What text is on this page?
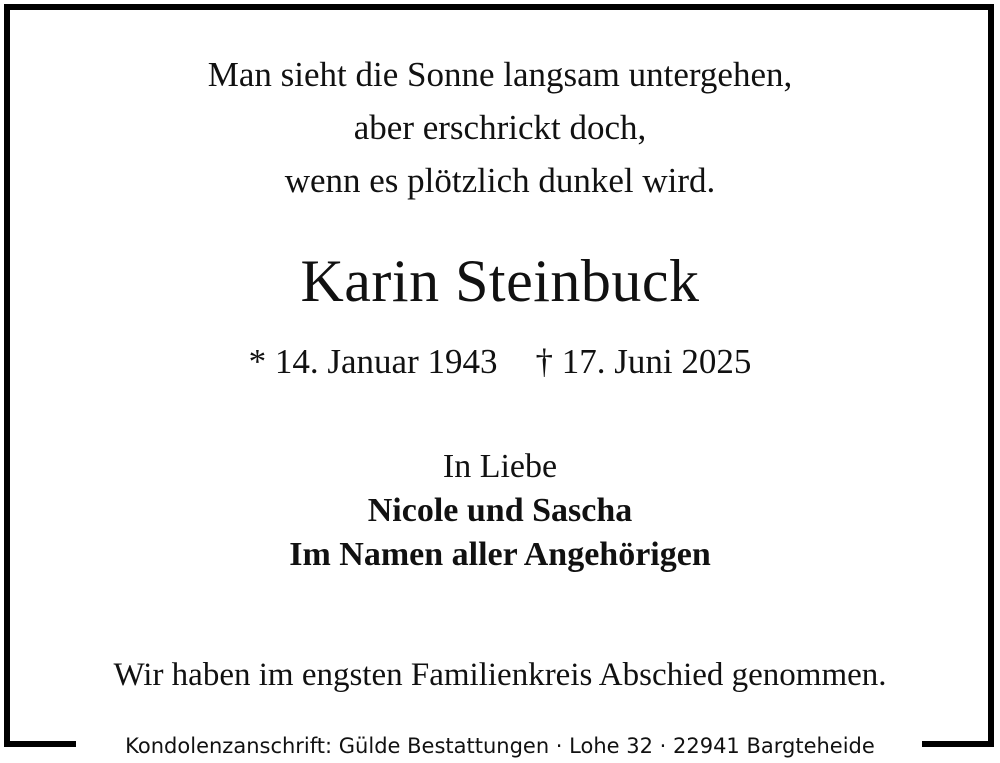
Man sieht die Sonne langsam untergehen,
aber erschrickt doch,
wenn es plötzlich dunkel wird.
Karin Steinbuck
* 14. Januar 1943 † 17. Juni 2025
In Liebe
Nicole und Sascha
Im Namen aller Angehörigen
Wir haben im engsten Familienkreis Abschied genommen.
Kondolenzanschrift: Gülde Bestattungen · Lohe 32 · 22941 Bargteheide
